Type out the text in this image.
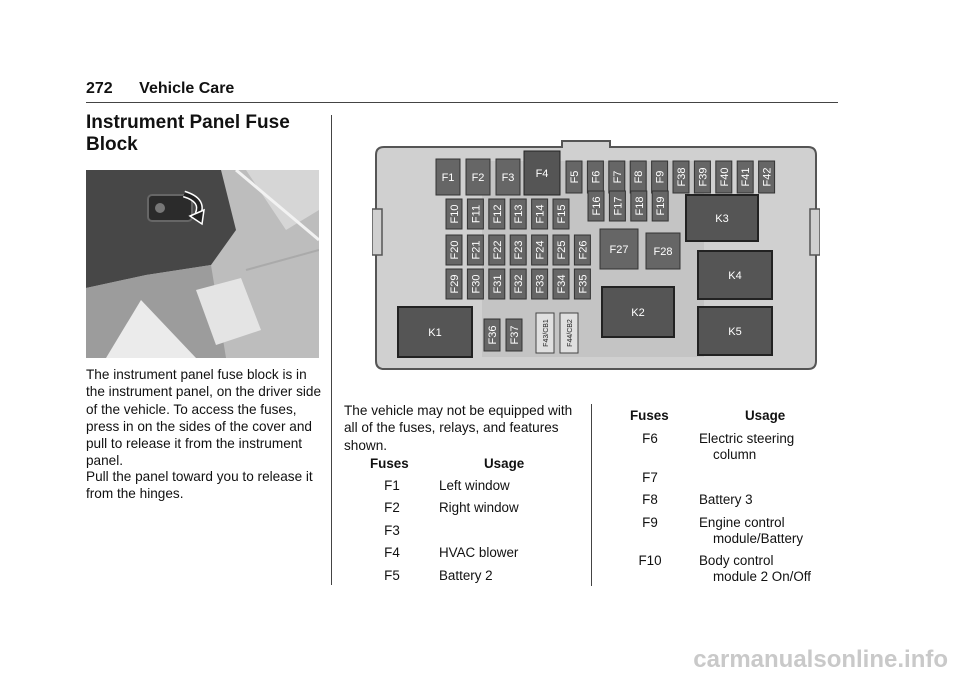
272 Vehicle Care
Instrument Panel Fuse Block

The instrument panel fuse block is in the instrument panel, on the driver side of the vehicle. To access the fuses, press in on the sides of the cover and pull to release it from the instrument panel.

Pull the panel toward you to release it from the hinges.

F1 F2 F3 F4 F5 F6 F7 F8 F9 F38 F39 F40 F41 F42
F10 F11 F12 F13 F14 F15 F16 F17 F18 F19
F20 F21 F22 F23 F24 F25 F26
F29 F30 F31 F32 F33 F34 F35
F36 F37	F43/CB1 F44/CB2
F27 F28
K1
K2
K3
K4
K5

The vehicle may not be equipped with all of the fuses, relays, and features shown.

Fuses	Usage
F1	Left window
F2	Right window
F3
F4	HVAC blower
F5	Battery 2
Fuses	Usage
F6	Electric steering
column
F7

F8	Battery 3

F9	Engine control
module/Battery
F10	Body control
module 2 On/Off
carmanualsonline.info
